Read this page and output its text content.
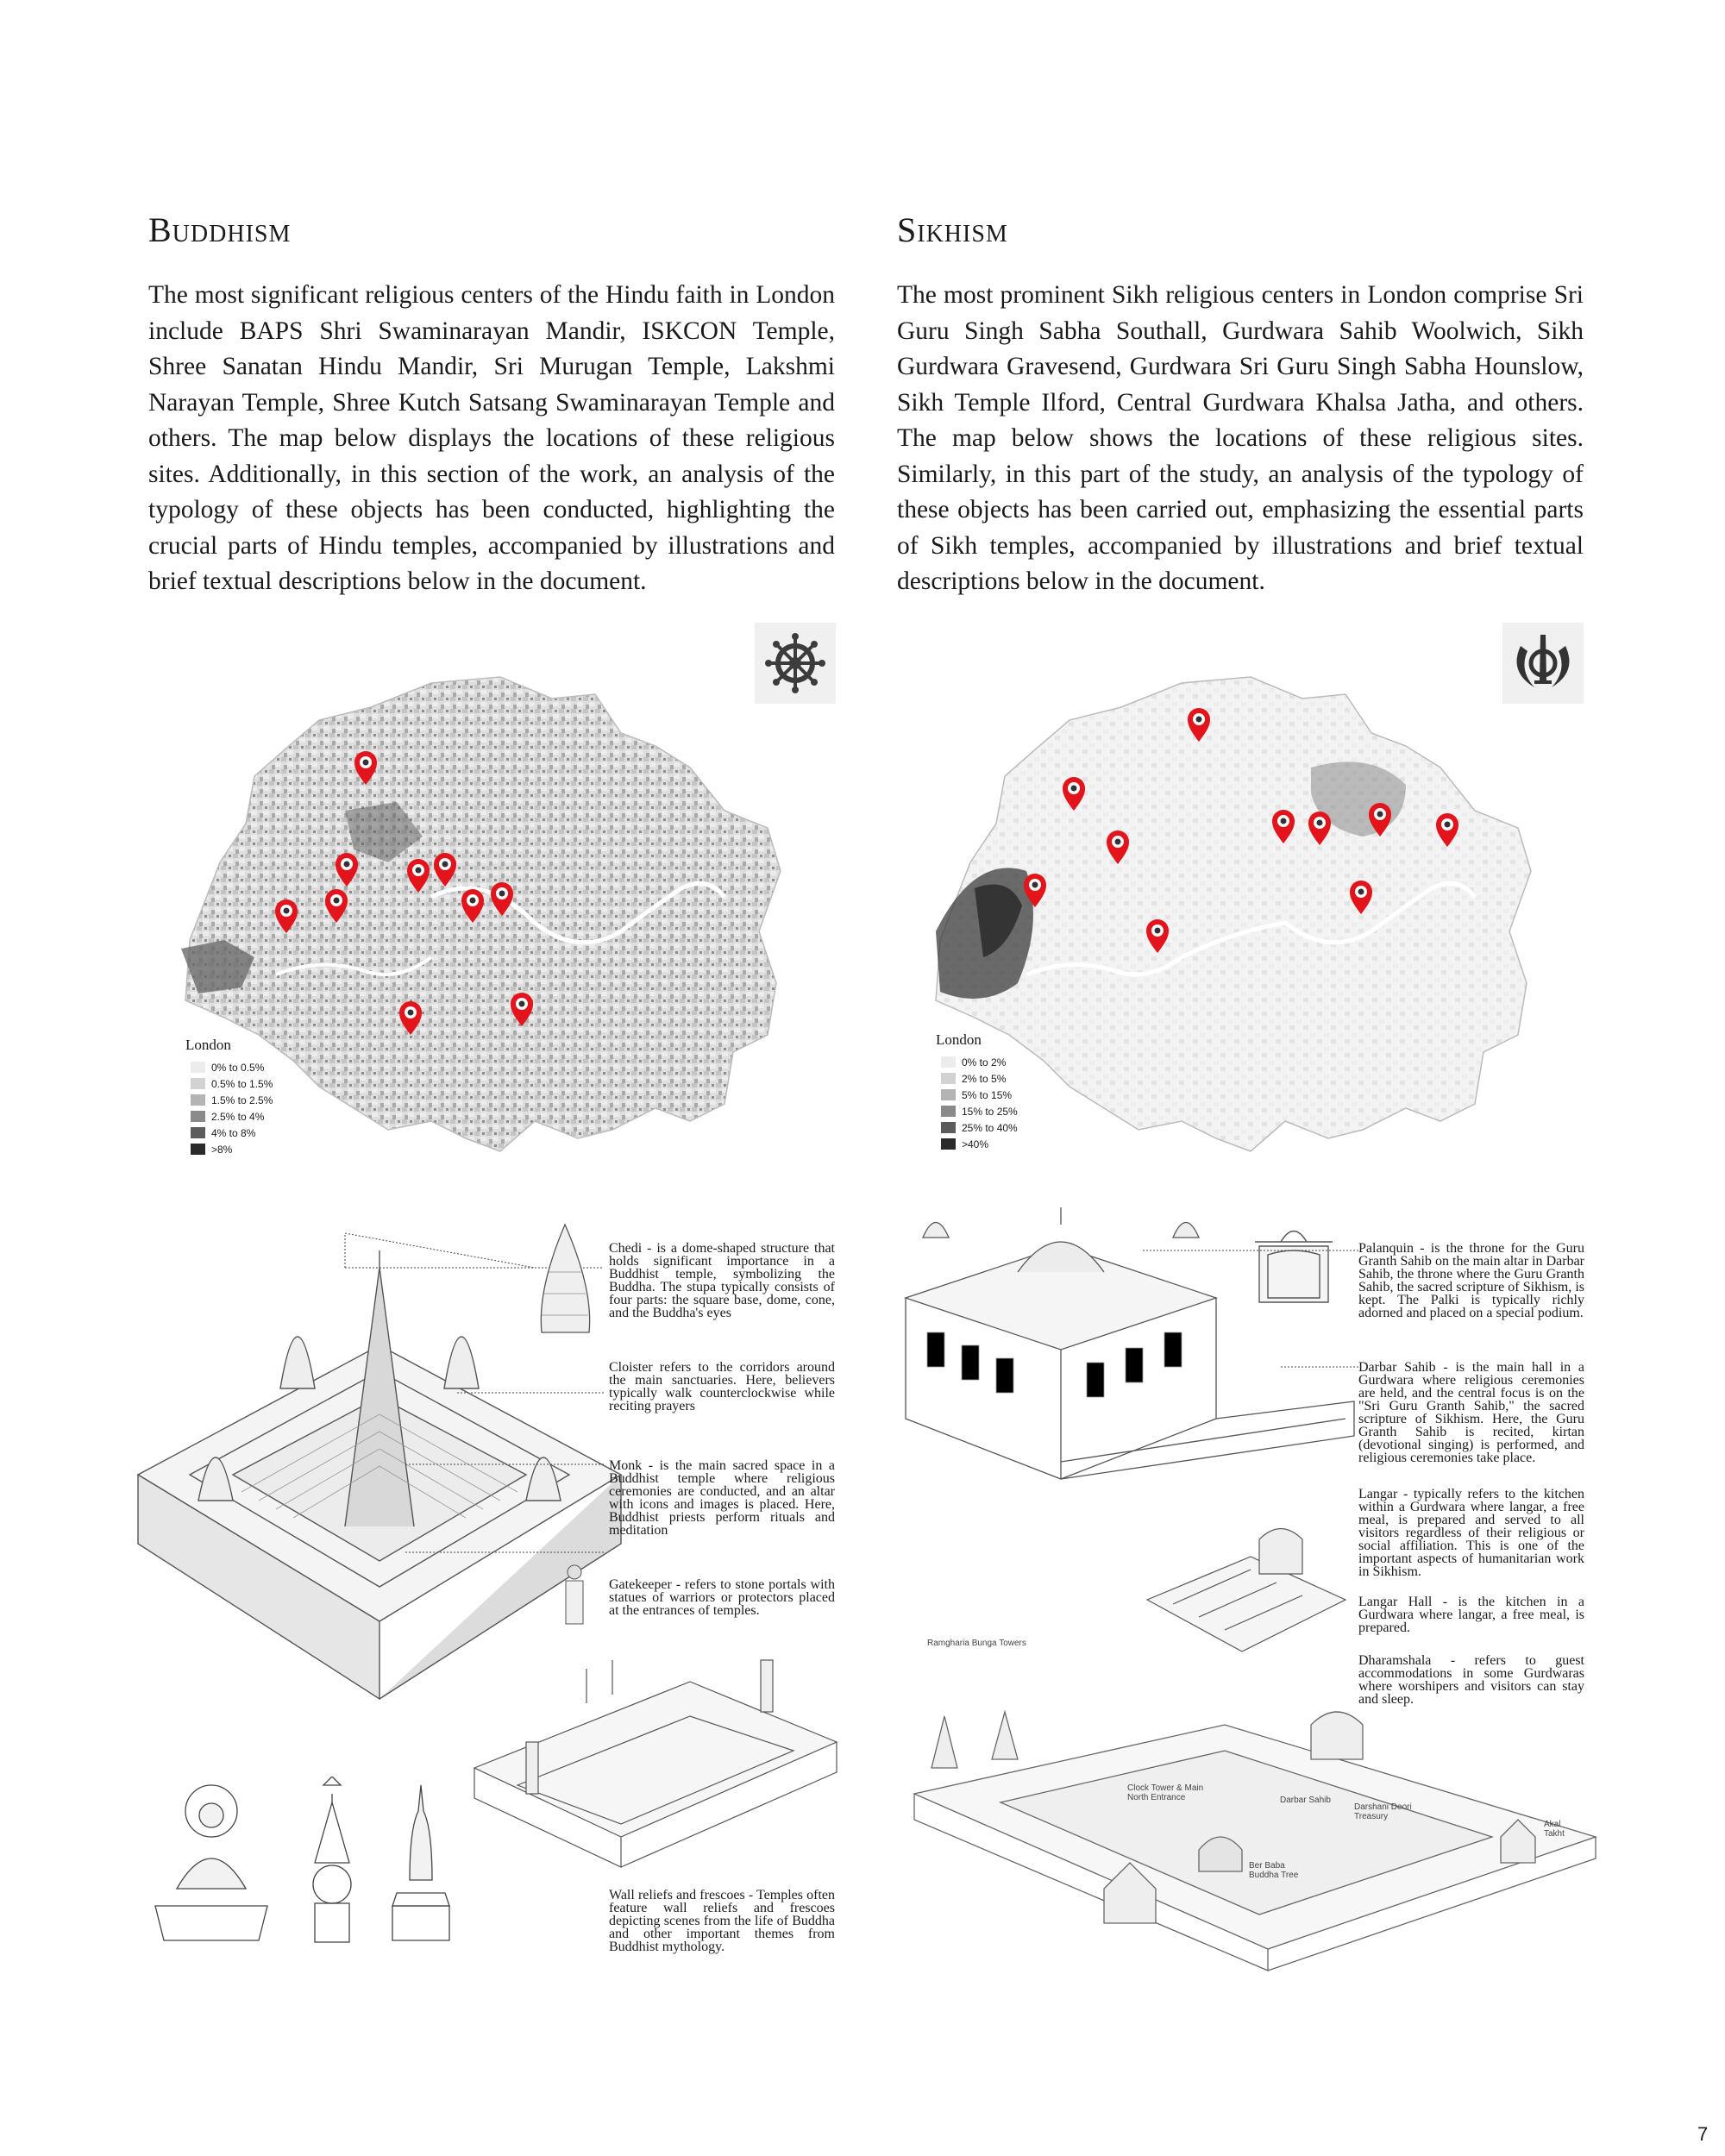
Buddhism

The most significant religious centers of the Hindu faith in London include BAPS Shri Swaminarayan Mandir, ISKCON Temple, Shree Sanatan Hindu Mandir, Sri Murugan Temple, Lakshmi Narayan Temple, Shree Kutch Satsang Swaminarayan Temple and others. The map below displays the locations of these religious sites. Additionally, in this section of the work, an analysis of the typology of these objects has been conducted, highlighting the crucial parts of Hindu temples, accompanied by illustrations and brief textual descriptions below in the document.

London
0% to 0.5%
0.5% to 1.5%
1.5% to 2.5%
2.5% to 4%
4% to 8%
>8%

Chedi - is a dome-shaped structure that holds significant importance in a Buddhist temple, symbolizing the Buddha. The stupa typically consists of four parts: the square base, dome, cone, and the Buddha's eyes

Cloister refers to the corridors around the main sanctuaries. Here, believers typically walk counterclockwise while reciting prayers

Monk - is the main sacred space in a Buddhist temple where religious ceremonies are conducted, and an altar with icons and images is placed. Here, Buddhist priests perform rituals and meditation

Gatekeeper - refers to stone portals with statues of warriors or protectors placed at the entrances of temples.

Wall reliefs and frescoes - Temples often feature wall reliefs and frescoes depicting scenes from the life of Buddha and other important themes from Buddhist mythology.

Sikhism

The most prominent Sikh religious centers in London comprise Sri Guru Singh Sabha Southall, Gurdwara Sahib Woolwich, Sikh Gurdwara Gravesend, Gurdwara Sri Guru Singh Sabha Hounslow, Sikh Temple Ilford, Central Gurdwara Khalsa Jatha, and others. The map below shows the locations of these religious sites. Similarly, in this part of the study, an analysis of the typology of these objects has been carried out, emphasizing the essential parts of Sikh temples, accompanied by illustrations and brief textual descriptions below in the document.

London
0% to 2%
2% to 5%
5% to 15%
15% to 25%
25% to 40%
>40%

Palanquin - is the throne for the Guru Granth Sahib on the main altar in Darbar Sahib, the throne where the Guru Granth Sahib, the sacred scripture of Sikhism, is kept. The Palki is typically richly adorned and placed on a special podium.

Darbar Sahib - is the main hall in a Gurdwara where religious ceremonies are held, and the central focus is on the "Sri Guru Granth Sahib," the sacred scripture of Sikhism. Here, the Guru Granth Sahib is recited, kirtan (devotional singing) is performed, and religious ceremonies take place.

Langar - typically refers to the kitchen within a Gurdwara where langar, a free meal, is prepared and served to all visitors regardless of their religious or social affiliation. This is one of the important aspects of humanitarian work in Sikhism.

Langar Hall - is the kitchen in a Gurdwara where langar, a free meal, is prepared.

Dharamshala - refers to guest accommodations in some Gurdwaras where worshipers and visitors can stay and sleep.

Ramgharia Bunga Towers
Clock Tower & Main North Entrance	Darbar Sahib
Darshani Deori Treasury
Akal Takht
Ber Baba Buddha Tree
7
